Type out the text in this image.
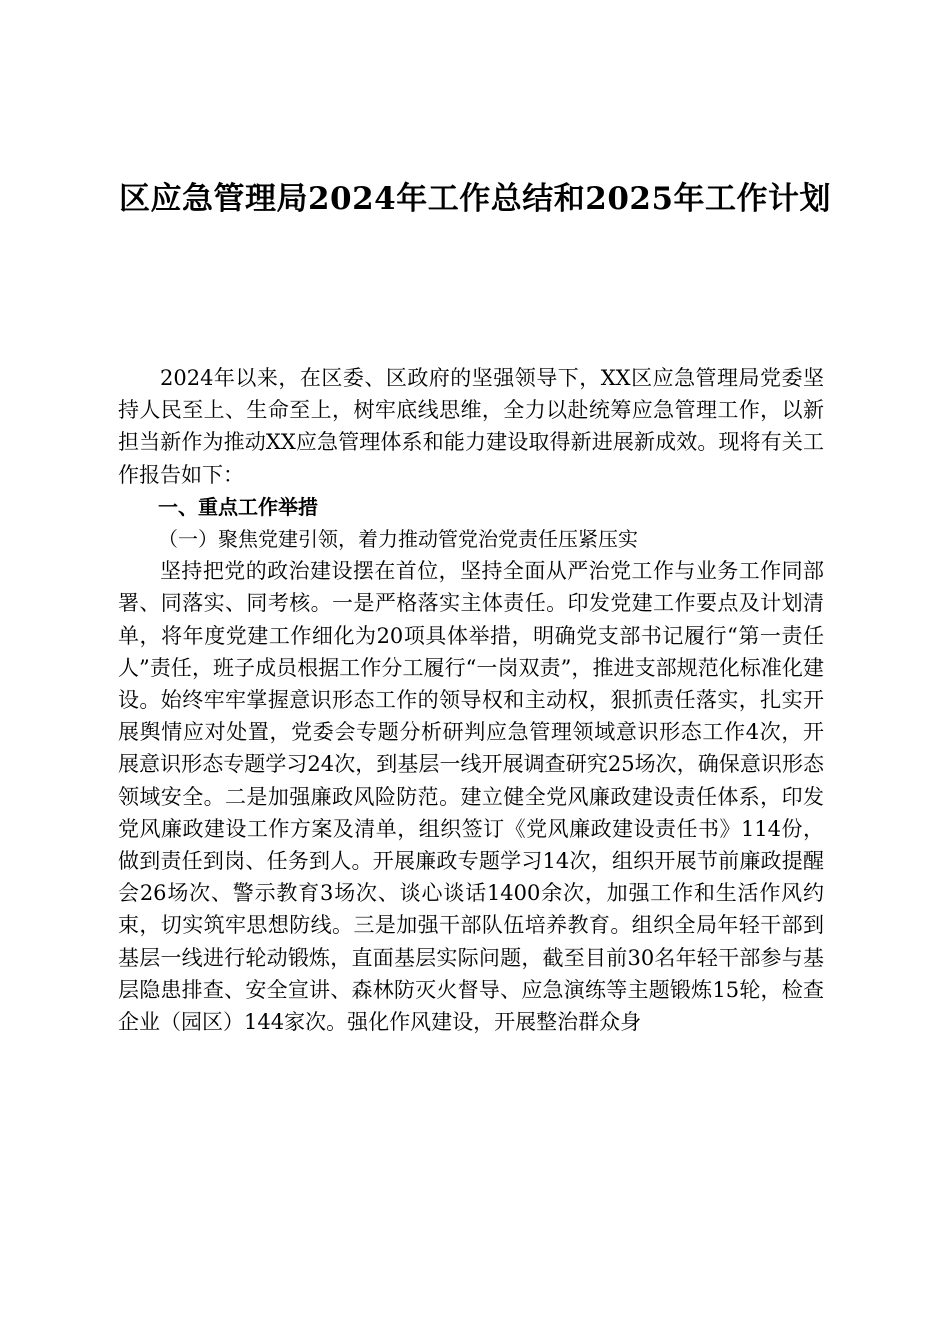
区应急管理局2024年工作总结和2025年工作计划

2024年以来，在区委、区政府的坚强领导下，XX区应急管理局党委坚持人民至上、生命至上，树牢底线思维，全力以赴统筹应急管理工作，以新担当新作为推动XX应急管理体系和能力建设取得新进展新成效。现将有关工作报告如下：

一、重点工作举措

（一）聚焦党建引领，着力推动管党治党责任压紧压实

坚持把党的政治建设摆在首位，坚持全面从严治党工作与业务工作同部署、同落实、同考核。一是严格落实主体责任。印发党建工作要点及计划清单，将年度党建工作细化为20项具体举措，明确党支部书记履行“第一责任人”责任，班子成员根据工作分工履行“一岗双责”，推进支部规范化标准化建设。始终牢牢掌握意识形态工作的领导权和主动权，狠抓责任落实，扎实开展舆情应对处置，党委会专题分析研判应急管理领域意识形态工作4次，开展意识形态专题学习24次，到基层一线开展调查研究25场次，确保意识形态领域安全。二是加强廉政风险防范。建立健全党风廉政建设责任体系，印发党风廉政建设工作方案及清单，组织签订《党风廉政建设责任书》114份，做到责任到岗、任务到人。开展廉政专题学习14次，组织开展节前廉政提醒会26场次、警示教育3场次、谈心谈话1400余次，加强工作和生活作风约束，切实筑牢思想防线。三是加强干部队伍培养教育。组织全局年轻干部到基层一线进行轮动锻炼，直面基层实际问题，截至目前30名年轻干部参与基层隐患排查、安全宣讲、森林防灭火督导、应急演练等主题锻炼15轮，检查企业（园区）144家次。强化作风建设，开展整治群众身
